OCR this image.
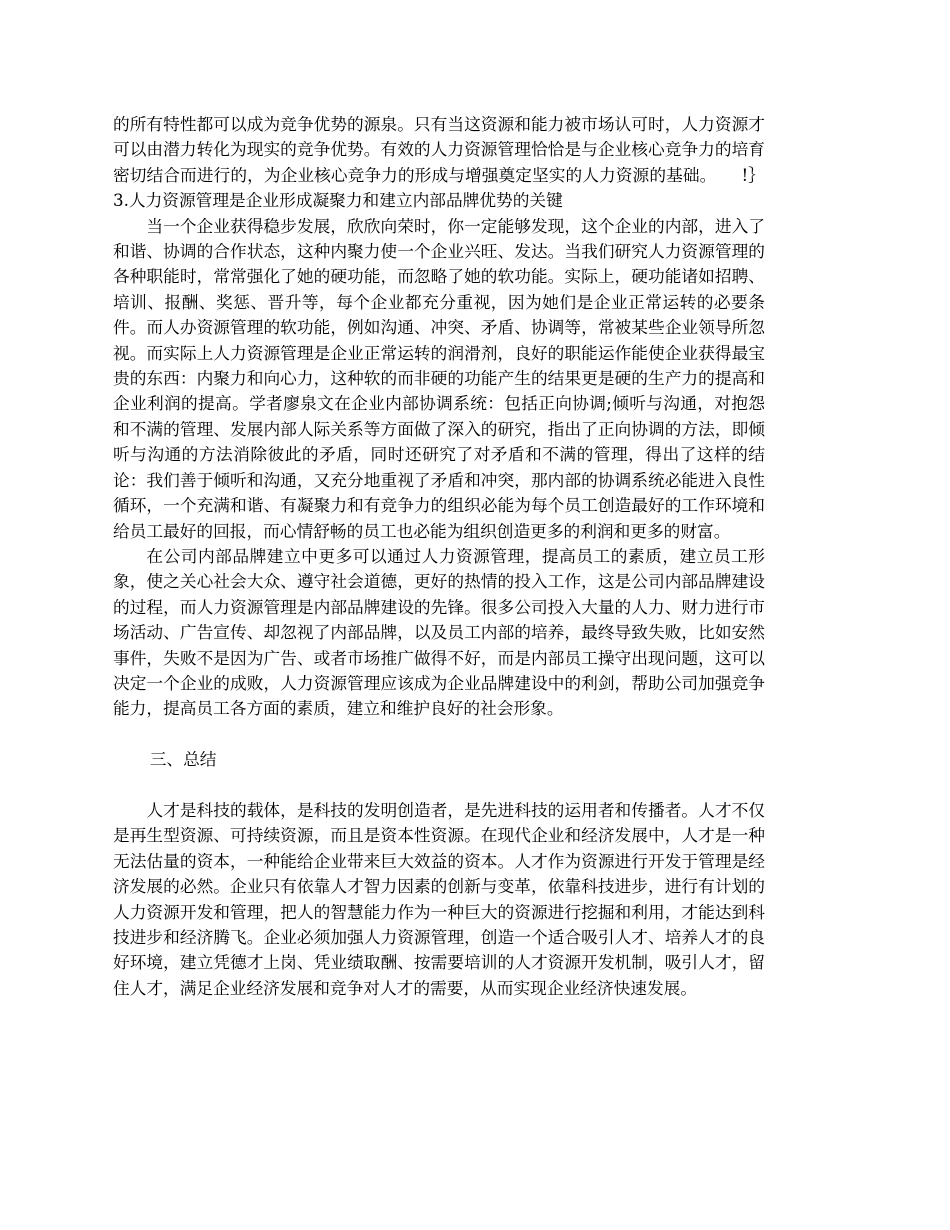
的所有特性都可以成为竞争优势的源泉。只有当这资源和能力被市场认可时，人力资源才可以由潜力转化为现实的竞争优势。有效的人力资源管理恰恰是与企业核心竞争力的培育密切结合而进行的，为企业核心竞争力的形成与增强奠定坚实的人力资源的基础。　　!｝3.人力资源管理是企业形成凝聚力和建立内部品牌优势的关键

当一个企业获得稳步发展，欣欣向荣时，你一定能够发现，这个企业的内部，进入了和谐、协调的合作状态，这种内聚力使一个企业兴旺、发达。当我们研究人力资源管理的各种职能时，常常强化了她的硬功能，而忽略了她的软功能。实际上，硬功能诸如招聘、培训、报酬、奖惩、晋升等，每个企业都充分重视，因为她们是企业正常运转的必要条件。而人办资源管理的软功能，例如沟通、冲突、矛盾、协调等，常被某些企业领导所忽视。而实际上人力资源管理是企业正常运转的润滑剂，良好的职能运作能使企业获得最宝贵的东西：内聚力和向心力，这种软的而非硬的功能产生的结果更是硬的生产力的提高和企业利润的提高。学者廖泉文在企业内部协调系统：包括正向协调;倾听与沟通，对抱怨和不满的管理、发展内部人际关系等方面做了深入的研究，指出了正向协调的方法，即倾听与沟通的方法消除彼此的矛盾，同时还研究了对矛盾和不满的管理，得出了这样的结论：我们善于倾听和沟通，又充分地重视了矛盾和冲突，那内部的协调系统必能进入良性循环，一个充满和谐、有凝聚力和有竞争力的组织必能为每个员工创造最好的工作环境和给员工最好的回报，而心情舒畅的员工也必能为组织创造更多的利润和更多的财富。

在公司内部品牌建立中更多可以通过人力资源管理，提高员工的素质，建立员工形象，使之关心社会大众、遵守社会道德，更好的热情的投入工作，这是公司内部品牌建设的过程，而人力资源管理是内部品牌建设的先锋。很多公司投入大量的人力、财力进行市场活动、广告宣传、却忽视了内部品牌，以及员工内部的培养，最终导致失败，比如安然事件，失败不是因为广告、或者市场推广做得不好，而是内部员工操守出现问题，这可以决定一个企业的成败，人力资源管理应该成为企业品牌建设中的利剑，帮助公司加强竞争能力，提高员工各方面的素质，建立和维护良好的社会形象。

三、总结

人才是科技的载体，是科技的发明创造者，是先进科技的运用者和传播者。人才不仅是再生型资源、可持续资源，而且是资本性资源。在现代企业和经济发展中，人才是一种无法估量的资本，一种能给企业带来巨大效益的资本。人才作为资源进行开发于管理是经济发展的必然。企业只有依靠人才智力因素的创新与变革，依靠科技进步，进行有计划的人力资源开发和管理，把人的智慧能力作为一种巨大的资源进行挖掘和利用，才能达到科技进步和经济腾飞。企业必须加强人力资源管理，创造一个适合吸引人才、培养人才的良好环境，建立凭德才上岗、凭业绩取酬、按需要培训的人才资源开发机制，吸引人才，留住人才，满足企业经济发展和竞争对人才的需要，从而实现企业经济快速发展。
